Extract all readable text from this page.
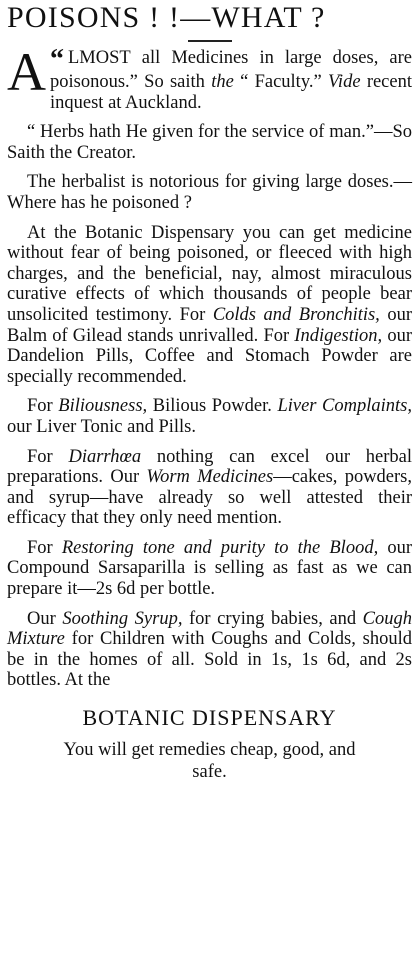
POISONS ! !—WHAT ?

“
A LMOST all Medicines in large doses, are poisonous.” So saith the “ Faculty.” Vide recent inquest at Auckland.

“ Herbs hath He given for the service of man.”—So Saith the Creator.

The herbalist is notorious for giving large doses.—Where has he poisoned ?

At the Botanic Dispensary you can get medicine without fear of being poisoned, or fleeced with high charges, and the beneficial, nay, almost miraculous curative effects of which thousands of people bear unsolicited testimony. For Colds and Bronchitis, our Balm of Gilead stands unrivalled. For Indigestion, our Dandelion Pills, Coffee and Stomach Powder are specially recommended.

For Biliousness, Bilious Powder. Liver Complaints, our Liver Tonic and Pills.

For Diarrhœa nothing can excel our herbal preparations. Our Worm Medicines—cakes, powders, and syrup—have already so well attested their efficacy that they only need mention.

For Restoring tone and purity to the Blood, our Compound Sarsaparilla is selling as fast as we can prepare it—2s 6d per bottle.

Our Soothing Syrup, for crying babies, and Cough Mixture for Children with Coughs and Colds, should be in the homes of all. Sold in 1s, 1s 6d, and 2s bottles. At the

BOTANIC DISPENSARY

You will get remedies cheap, good, and
safe.
